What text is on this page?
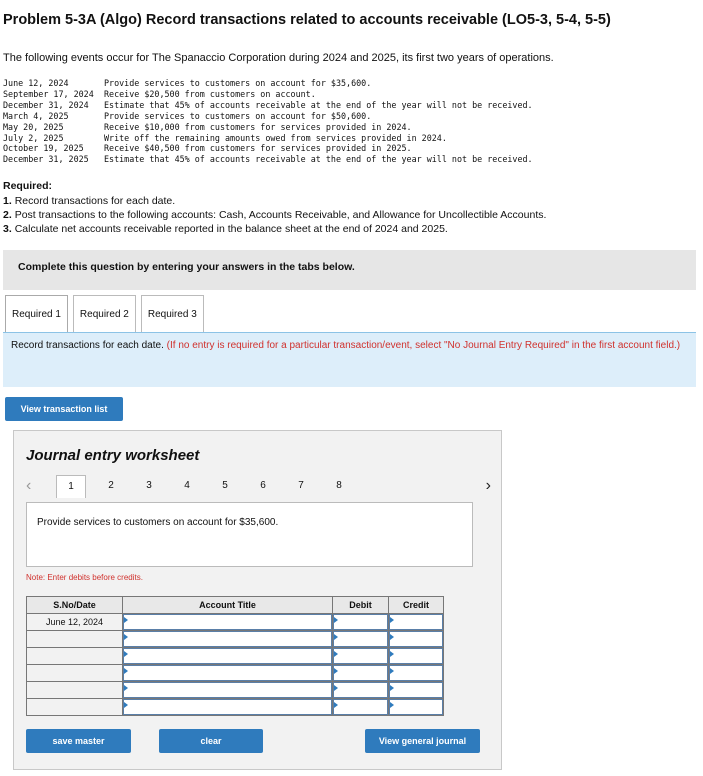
Problem 5-3A (Algo) Record transactions related to accounts receivable (LO5-3, 5-4, 5-5)
The following events occur for The Spanaccio Corporation during 2024 and 2025, its first two years of operations.
June 12, 2024	Provide services to customers on account for $35,600.
September 17, 2024	Receive $20,500 from customers on account.
December 31, 2024	Estimate that 45% of accounts receivable at the end of the year will not be received.
March 4, 2025	Provide services to customers on account for $50,600.
May 20, 2025	Receive $10,000 from customers for services provided in 2024.
July 2, 2025	Write off the remaining amounts owed from services provided in 2024.
October 19, 2025	Receive $40,500 from customers for services provided in 2025.
December 31, 2025	Estimate that 45% of accounts receivable at the end of the year will not be received.
Required:
1. Record transactions for each date.
2. Post transactions to the following accounts: Cash, Accounts Receivable, and Allowance for Uncollectible Accounts.
3. Calculate net accounts receivable reported in the balance sheet at the end of 2024 and 2025.
Complete this question by entering your answers in the tabs below.
Required 1	Required 2	Required 3
Record transactions for each date. (If no entry is required for a particular transaction/event, select "No Journal Entry Required" in the first account field.)
View transaction list
Journal entry worksheet
‹	1	2	3	4	5	6	7	8	›
Provide services to customers on account for $35,600.
Note: Enter debits before credits.
S.No/Date	Account Title	Debit	Credit
June 12, 2024	

save master	clear	View general journal
